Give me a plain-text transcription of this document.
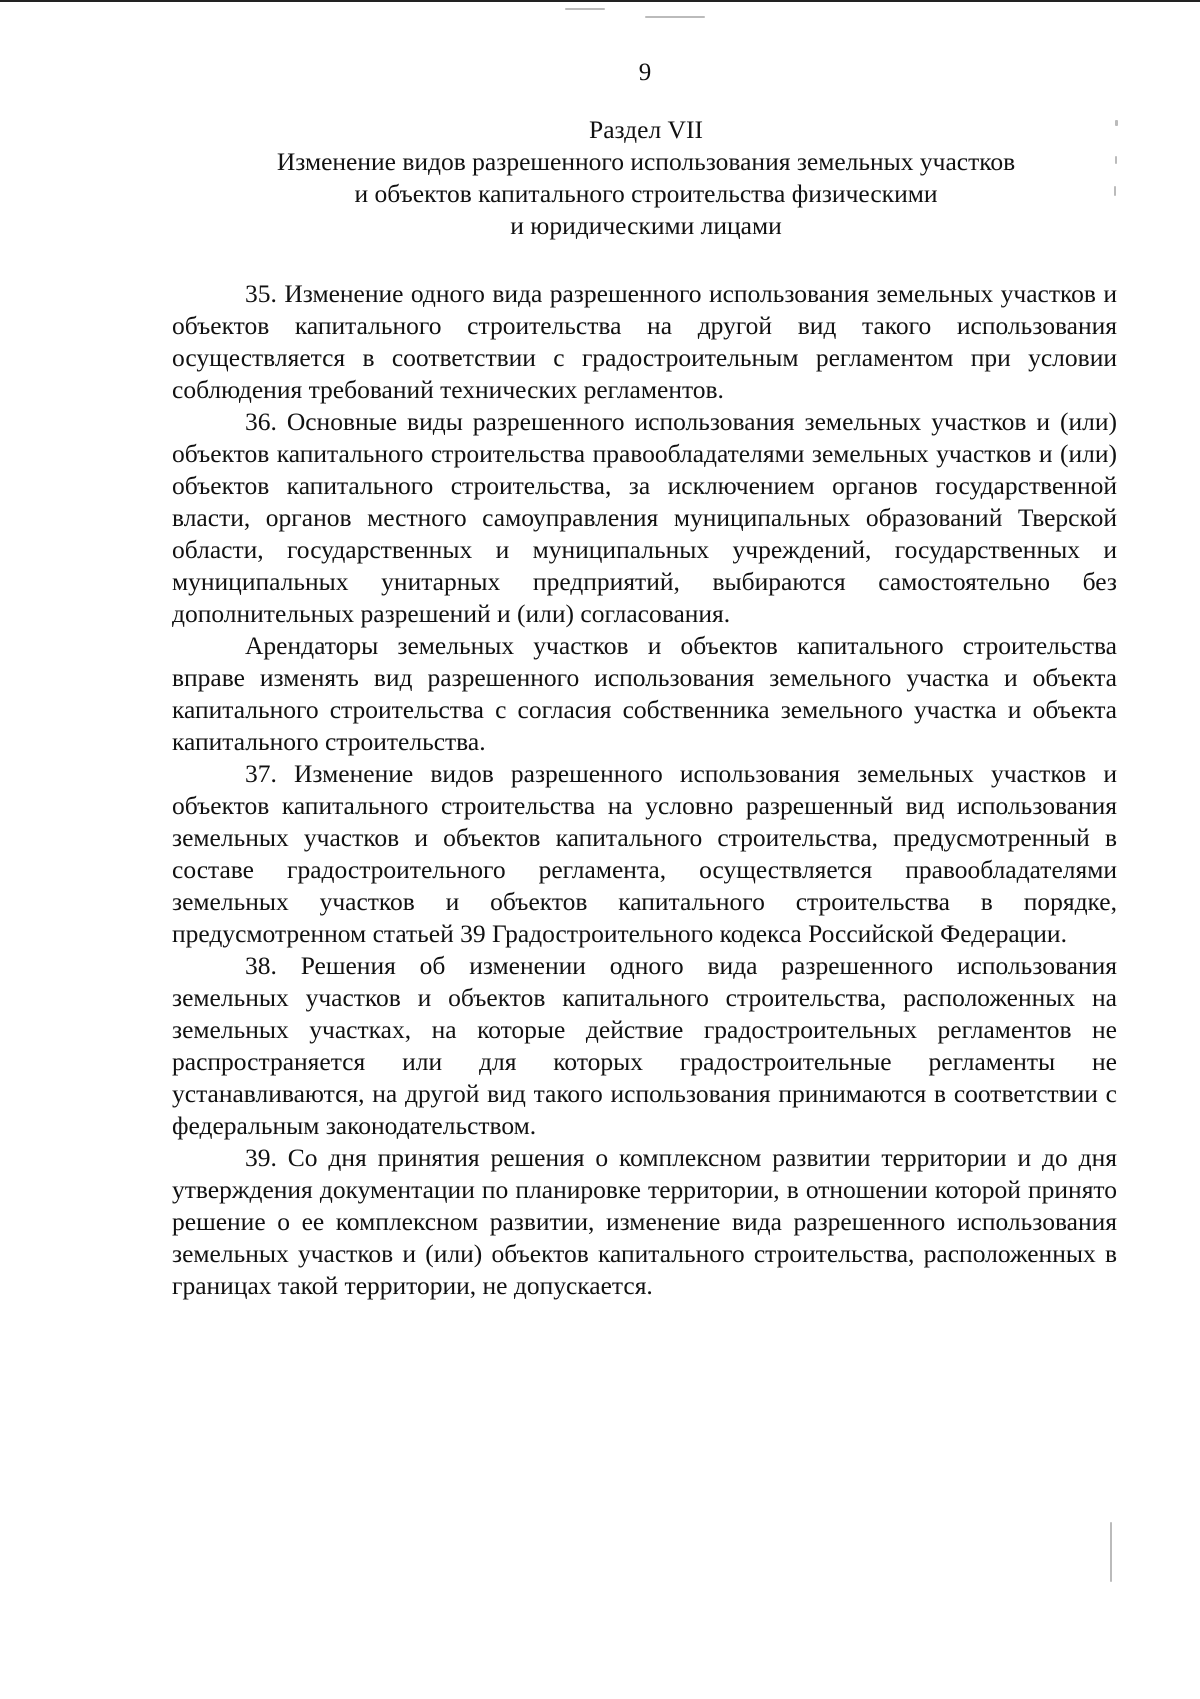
9
Раздел VII
Изменение видов разрешенного использования земельных участков
и объектов капитального строительства физическими
и юридическими лицами

35. Изменение одного вида разрешенного использования земельных участков и объектов капитального строительства на другой вид такого использования осуществляется в соответствии с градостроительным регламентом при условии соблюдения требований технических регламентов.

36. Основные виды разрешенного использования земельных участков и (или) объектов капитального строительства правообладателями земельных участков и (или) объектов капитального строительства, за исключением органов государственной власти, органов местного самоуправления муниципальных образований Тверской области, государственных и муниципальных учреждений, государственных и муниципальных унитарных предприятий, выбираются самостоятельно без дополнительных разрешений и (или) согласования.

Арендаторы земельных участков и объектов капитального строительства вправе изменять вид разрешенного использования земельного участка и объекта капитального строительства с согласия собственника земельного участка и объекта капитального строительства.

37. Изменение видов разрешенного использования земельных участков и объектов капитального строительства на условно разрешенный вид использования земельных участков и объектов капитального строительства, предусмотренный в составе градостроительного регламента, осуществляется правообладателями земельных участков и объектов капитального строительства в порядке, предусмотренном статьей 39 Градостроительного кодекса Российской Федерации.

38. Решения об изменении одного вида разрешенного использования земельных участков и объектов капитального строительства, расположенных на земельных участках, на которые действие градостроительных регламентов не распространяется или для которых градостроительные регламенты не устанавливаются, на другой вид такого использования принимаются в соответствии с федеральным законодательством.

39. Со дня принятия решения о комплексном развитии территории и до дня утверждения документации по планировке территории, в отношении которой принято решение о ее комплексном развитии, изменение вида разрешенного использования земельных участков и (или) объектов капитального строительства, расположенных в границах такой территории, не допускается.
